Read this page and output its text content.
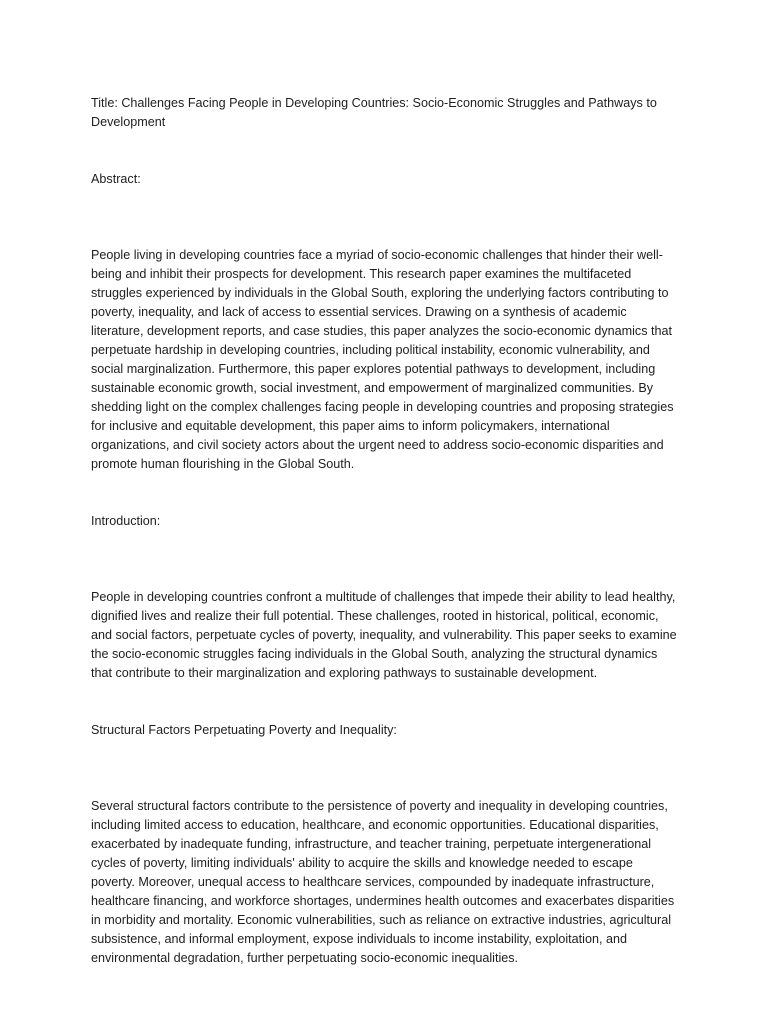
Title: Challenges Facing People in Developing Countries: Socio-Economic Struggles and Pathways to Development

Abstract:

People living in developing countries face a myriad of socio-economic challenges that hinder their well-being and inhibit their prospects for development. This research paper examines the multifaceted struggles experienced by individuals in the Global South, exploring the underlying factors contributing to poverty, inequality, and lack of access to essential services. Drawing on a synthesis of academic literature, development reports, and case studies, this paper analyzes the socio-economic dynamics that perpetuate hardship in developing countries, including political instability, economic vulnerability, and social marginalization. Furthermore, this paper explores potential pathways to development, including sustainable economic growth, social investment, and empowerment of marginalized communities. By shedding light on the complex challenges facing people in developing countries and proposing strategies for inclusive and equitable development, this paper aims to inform policymakers, international organizations, and civil society actors about the urgent need to address socio-economic disparities and promote human flourishing in the Global South.

Introduction:

People in developing countries confront a multitude of challenges that impede their ability to lead healthy, dignified lives and realize their full potential. These challenges, rooted in historical, political, economic, and social factors, perpetuate cycles of poverty, inequality, and vulnerability. This paper seeks to examine the socio-economic struggles facing individuals in the Global South, analyzing the structural dynamics that contribute to their marginalization and exploring pathways to sustainable development.

Structural Factors Perpetuating Poverty and Inequality:

Several structural factors contribute to the persistence of poverty and inequality in developing countries, including limited access to education, healthcare, and economic opportunities. Educational disparities, exacerbated by inadequate funding, infrastructure, and teacher training, perpetuate intergenerational cycles of poverty, limiting individuals' ability to acquire the skills and knowledge needed to escape poverty. Moreover, unequal access to healthcare services, compounded by inadequate infrastructure, healthcare financing, and workforce shortages, undermines health outcomes and exacerbates disparities in morbidity and mortality. Economic vulnerabilities, such as reliance on extractive industries, agricultural subsistence, and informal employment, expose individuals to income instability, exploitation, and environmental degradation, further perpetuating socio-economic inequalities.
